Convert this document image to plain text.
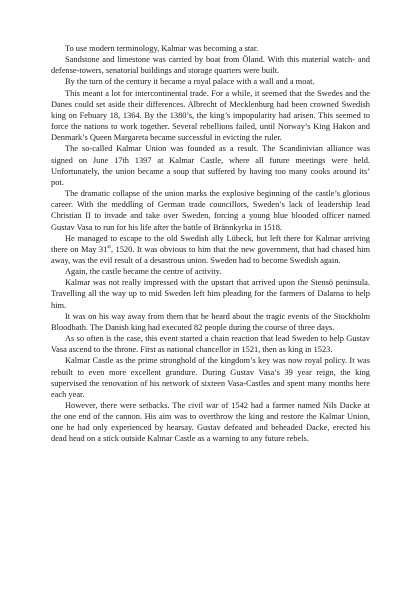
To use modern terminology, Kalmar was becoming a star.

Sandstone and limestone was carried by boat from Öland. With this material watch- and defense-towers, senatorial buildings and storage quarters were built.

By the turn of the century it became a royal palace with a wall and a moat.

This meant a lot for intercontinental trade. For a while, it seemed that the Swedes and the Danes could set aside their differences. Albrecht of Mecklenburg had been crowned Swedish king on Febuary 18, 1364. By the 1380’s, the king’s impopularity had arisen. This seemed to force the nations to work together. Several rebellions failed, until Norway’s King Hakon and Denmark’s Queen Margareta became successful in evicting the ruler.

The so-called Kalmar Union was founded as a result. The Scandinivian alliance was signed on June 17th 1397 at Kalmar Castle, where all future meetings were held. Unfortunately, the union became a soup that suffered by having too many cooks around its’ pot.

The dramatic collapse of the union marks the explosive beginning of the castle’s glorious career. With the meddling of German trade councillors, Sweden’s lack of leadership lead Christian II to invade and take over Sweden, forcing a young blue blooded officer named Gustav Vasa to run for his life after the battle of Brännkyrka in 1518.

He managed to escape to the old Swedish ally Lübeck, but left there for Kalmar arriving there on May 31st, 1520. It was obvious to him that the new government, that had chased him away, was the evil result of a desastrous union. Sweden had to become Swedish again.

Again, the castle became the centre of activity.

Kalmar was not really impressed with the upstart that arrived upon the Stensö peninsula. Travelling all the way up to mid Sweden left him pleading for the farmers of Dalarna to help him.

It was on his way away from them that he heard about the tragic events of the Stockholm Bloodbath. The Danish king had executed 82 people during the course of three days.

As so often is the case, this event started a chain reaction that lead Sweden to help Gustav Vasa ascend to the throne. First as national chancellor in 1521, then as king in 1523.

Kalmar Castle as the prime stronghold of the kingdom’s key was now royal policy. It was rebuilt to even more excellent grandure. During Gustav Vasa’s 39 year reign, the king supervised the renovation of his network of sixteen Vasa-Castles and spent many months here each year.

However, there were setbacks. The civil war of 1542 had a farmer named Nils Dacke at the one end of the cannon. His aim was to overthrow the king and restore the Kalmar Union, one he had only experienced by hearsay. Gustav defeated and beheaded Dacke, erected his dead head on a stick outside Kalmar Castle as a warning to any future rebels.
